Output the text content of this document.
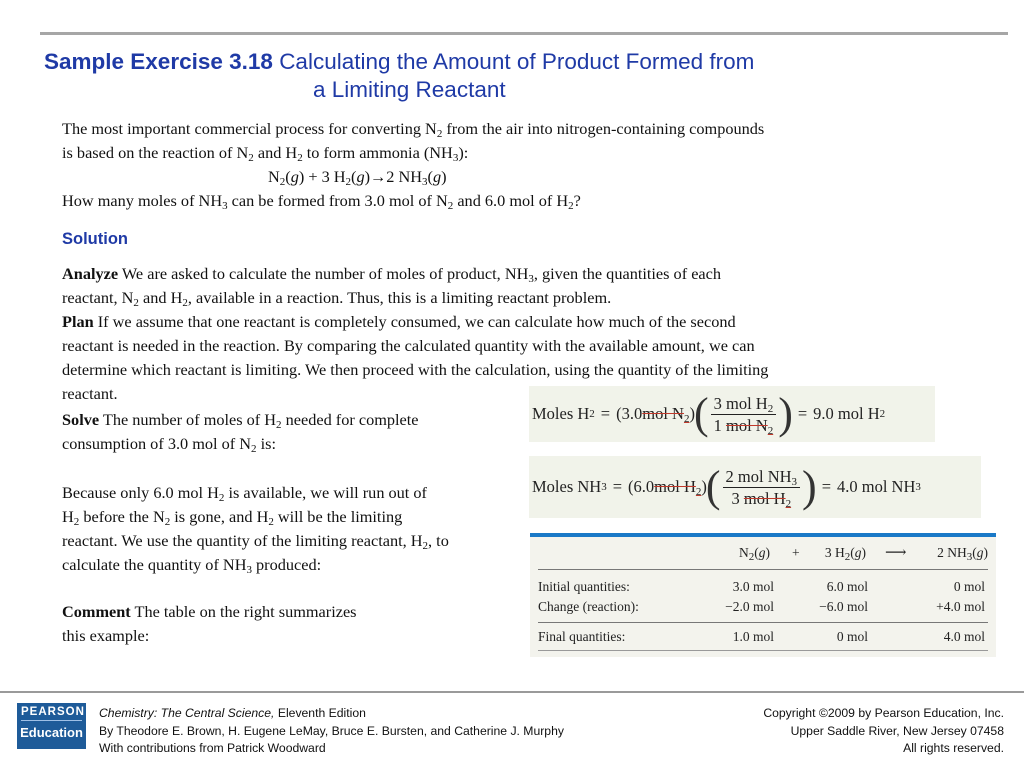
Sample Exercise 3.18 Calculating the Amount of Product Formed from
a Limiting Reactant
The most important commercial process for converting $N_2$ from the air into nitrogen-containing compounds
is based on the reaction of $N_2$ and $H_2$ to form ammonia $(NH_3)$:
$N_2(g) + 3$ $H_2(g)\to 2$ $NH_3(g)$
How many moles of $NH_3$ can be formed from 3.0 mol of $N_2$ and 6.0 mol of $H_2$?
Solution
Analyze We are asked to calculate the number of moles of product, $NH_3$, given the quantities of each
reactant, $N_2$ and $H_2$, available in a reaction. Thus, this is a limiting reactant problem.
Plan If we assume that one reactant is completely consumed, we can calculate how much of the second
reactant is needed in the reaction. By comparing the calculated quantity with the available amount, we can
determine which reactant is limiting. We then proceed with the calculation, using the quantity of the limiting
reactant.
Solve The number of moles of $H_2$ needed for complete
consumption of 3.0 mol of $N_2$ is:
Because only 6.0 mol $H_2$ is available, we will run out of
$H_2$ before the $N_2$ is gone, and $H_2$ will be the limiting
reactant. We use the quantity of the limiting reactant, $H_2$, to
calculate the quantity of $NH_3$ produced:
Comment The table on the right summarizes
this example:
Moles H 2 = (3.0 mol $N_2$ ) ( $\frac{3 mol H_2}{1 mol N_2}$ ) = 9.0 mol H 2
Moles NH 3 = (6.0 mol $H_2$ ) ( $\frac{2 mol NH_3}{3 mol H_2}$ ) = 4.0 mol NH 3
$N_2(g) + 3$ $H_2(g)$ ⟶ 2 $NH_3(g)$
Initial quantities:	3.0 mol	6.0 mol	0 mol
Change (reaction):	−2.0 mol	−6.0 mol	+4.0 mol
Final quantities:	1.0 mol	0 mol	4.0 mol
PEARSON
Education
Chemistry: The Central Science, Eleventh Edition
By Theodore E. Brown, H. Eugene LeMay, Bruce E. Bursten, and Catherine J. Murphy
With contributions from Patrick Woodward
Copyright ©2009 by Pearson Education, Inc.
Upper Saddle River, New Jersey 07458
All rights reserved.
